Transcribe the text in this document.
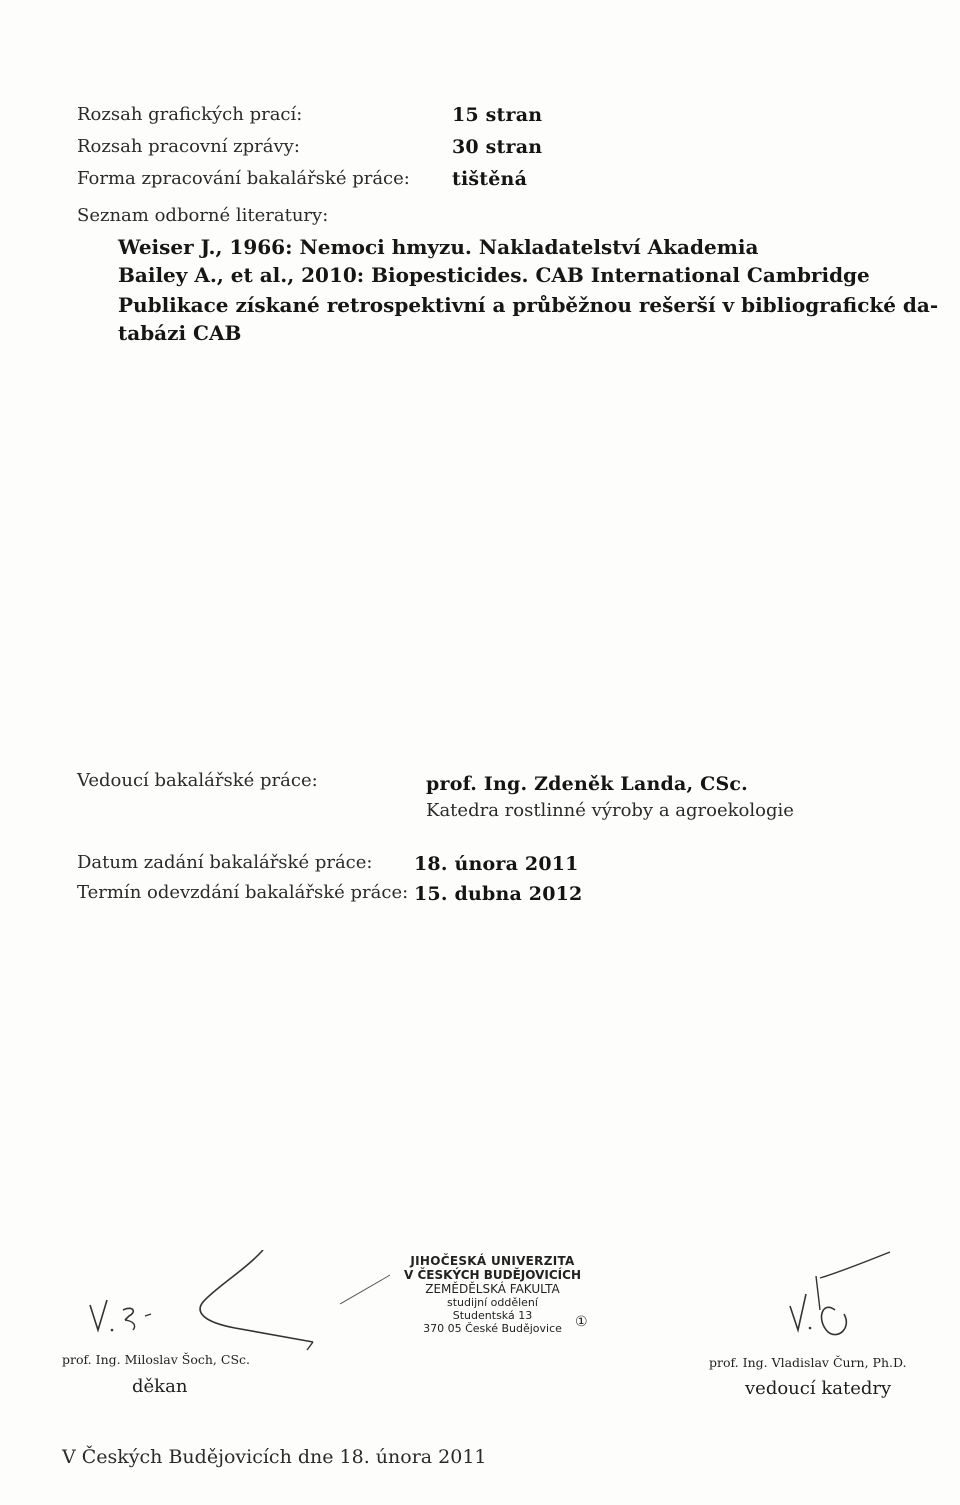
Rozsah grafických prací:	15 stran
Rozsah pracovní zprávy:	30 stran
Forma zpracování bakalářské práce: tištěná
Seznam odborné literatury:
Weiser J., 1966: Nemoci hmyzu. Nakladatelství Akademia
Bailey A., et al., 2010: Biopesticides. CAB International Cambridge
Publikace získané retrospektivní a průběžnou rešerší v bibliografické da-
tabázi CAB
Vedoucí bakalářské práce:	prof. Ing. Zdeněk Landa, CSc.
Katedra rostlinné výroby a agroekologie
Datum zadání bakalářské práce: 18. února 2011
Termín odevzdání bakalářské práce: 15. dubna 2012
JIHOČESKÁ UNIVERZITA
V ČESKÝCH BUDĚJOVICÍCH
ZEMĚDĚLSKÁ FAKULTA
studijní oddělení
Studentská 13
370 05 České Budějovice ①
prof. Ing. Miloslav Šoch, CSc.
děkan
prof. Ing. Vladislav Čurn, Ph.D.
vedoucí katedry
V Českých Budějovicích dne 18. února 2011
